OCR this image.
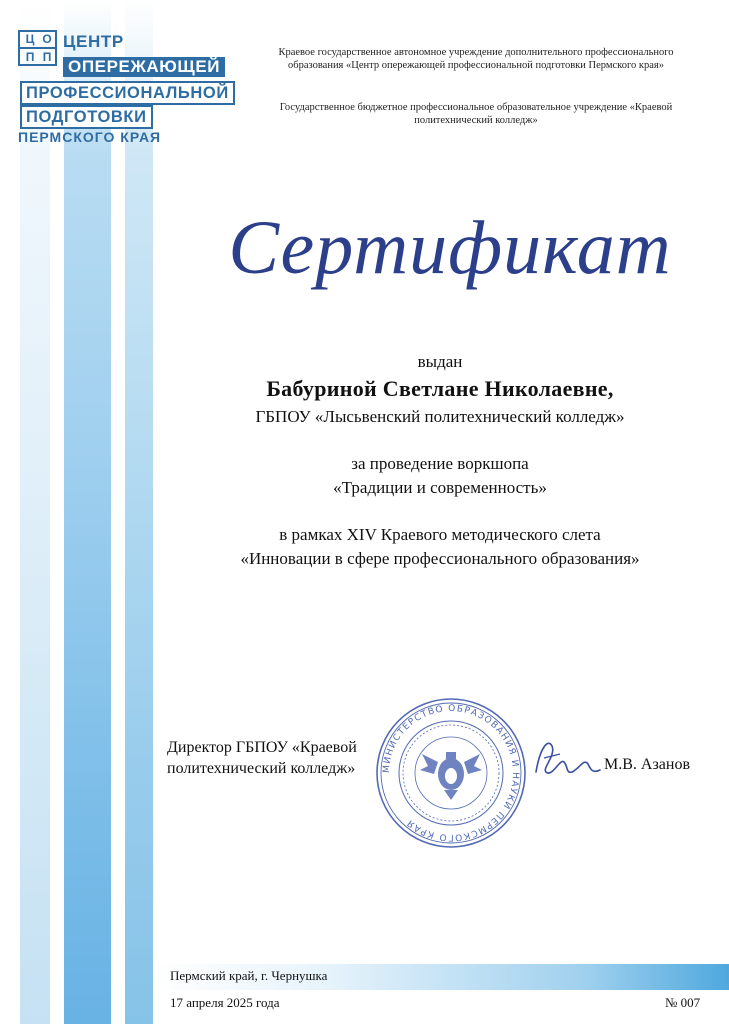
Ц О
П П
ЦЕНТР
ОПЕРЕЖАЮЩЕЙ
ПРОФЕССИОНАЛЬНОЙ
ПОДГОТОВКИ
ПЕРМСКОГО КРАЯ
Краевое государственное автономное учреждение дополнительного профессионального образования «Центр опережающей профессиональной подготовки Пермского края»
Государственное бюджетное профессиональное образовательное учреждение «Краевой политехнический колледж»
Сертификат
выдан
Бабуриной Светлане Николаевне,
ГБПОУ «Лысьвенский политехнический колледж»
за проведение воркшопа
«Традиции и современность»
в рамках XIV Краевого методического слета
«Инновации в сфере профессионального образования»
Директор ГБПОУ «Краевой
политехнический колледж»	МИНИСТЕРСТВО ОБРАЗОВАНИЯ И НАУКИ ПЕРМСКОГО КРАЯ
М.В. Азанов
Пермский край, г. Чернушка
17 апреля 2025 года	№ 007
